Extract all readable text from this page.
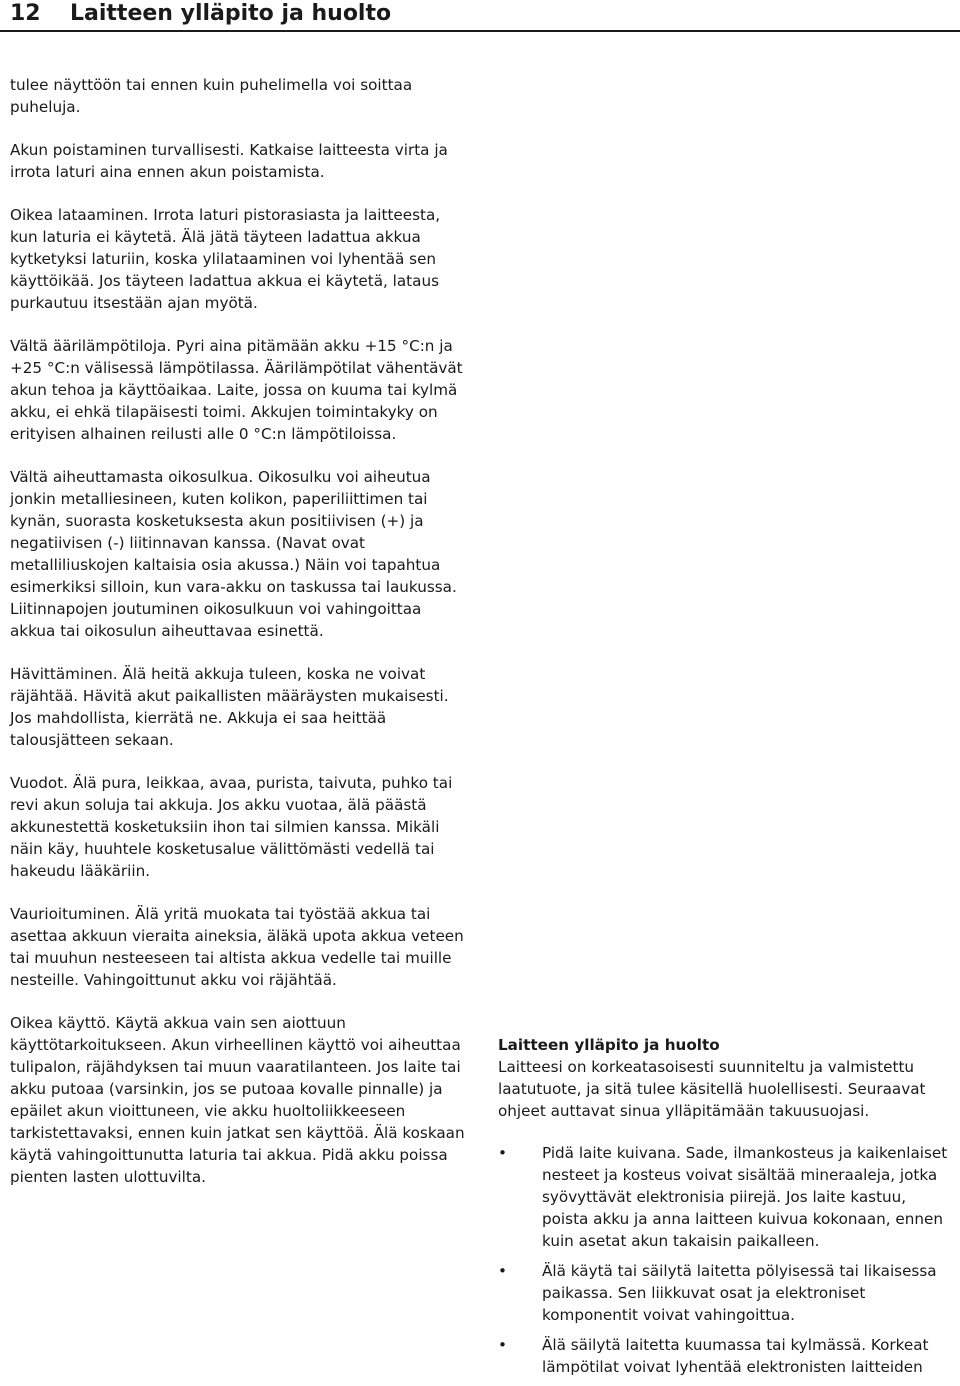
12 Laitteen ylläpito ja huolto

tulee näyttöön tai ennen kuin puhelimella voi soittaa puheluja.

Akun poistaminen turvallisesti. Katkaise laitteesta virta ja irrota laturi aina ennen akun poistamista.

Oikea lataaminen. Irrota laturi pistorasiasta ja laitteesta, kun laturia ei käytetä. Älä jätä täyteen ladattua akkua kytketyksi laturiin, koska ylilataaminen voi lyhentää sen käyttöikää. Jos täyteen ladattua akkua ei käytetä, lataus purkautuu itsestään ajan myötä.

Vältä äärilämpötiloja. Pyri aina pitämään akku +15 °C:n ja +25 °C:n välisessä lämpötilassa. Äärilämpötilat vähentävät akun tehoa ja käyttöaikaa. Laite, jossa on kuuma tai kylmä akku, ei ehkä tilapäisesti toimi. Akkujen toimintakyky on erityisen alhainen reilusti alle 0 °C:n lämpötiloissa.

Vältä aiheuttamasta oikosulkua. Oikosulku voi aiheutua jonkin metalliesineen, kuten kolikon, paperiliittimen tai kynän, suorasta kosketuksesta akun positiivisen (+) ja negatiivisen (-) liitinnavan kanssa. (Navat ovat metalliliuskojen kaltaisia osia akussa.) Näin voi tapahtua esimerkiksi silloin, kun vara-akku on taskussa tai laukussa. Liitinnapojen joutuminen oikosulkuun voi vahingoittaa akkua tai oikosulun aiheuttavaa esinettä.

Hävittäminen. Älä heitä akkuja tuleen, koska ne voivat räjähtää. Hävitä akut paikallisten määräysten mukaisesti. Jos mahdollista, kierrätä ne. Akkuja ei saa heittää talousjätteen sekaan.

Vuodot. Älä pura, leikkaa, avaa, purista, taivuta, puhko tai revi akun soluja tai akkuja. Jos akku vuotaa, älä päästä akkunestettä kosketuksiin ihon tai silmien kanssa. Mikäli näin käy, huuhtele kosketusalue välittömästi vedellä tai hakeudu lääkäriin.

Vaurioituminen. Älä yritä muokata tai työstää akkua tai asettaa akkuun vieraita aineksia, äläkä upota akkua veteen tai muuhun nesteeseen tai altista akkua vedelle tai muille nesteille. Vahingoittunut akku voi räjähtää.

Oikea käyttö. Käytä akkua vain sen aiottuun käyttötarkoitukseen. Akun virheellinen käyttö voi aiheuttaa tulipalon, räjähdyksen tai muun vaaratilanteen. Jos laite tai akku putoaa (varsinkin, jos se putoaa kovalle pinnalle) ja epäilet akun vioittuneen, vie akku huoltoliikkeeseen tarkistettavaksi, ennen kuin jatkat sen käyttöä. Älä koskaan käytä vahingoittunutta laturia tai akkua. Pidä akku poissa pienten lasten ulottuvilta.

Laitteen ylläpito ja huolto

Laitteesi on korkeatasoisesti suunniteltu ja valmistettu laatutuote, ja sitä tulee käsitellä huolellisesti. Seuraavat ohjeet auttavat sinua ylläpitämään takuusuojasi.

• Pidä laite kuivana. Sade, ilmankosteus ja kaikenlaiset nesteet ja kosteus voivat sisältää mineraaleja, jotka syövyttävät elektronisia piirejä. Jos laite kastuu, poista akku ja anna laitteen kuivua kokonaan, ennen kuin asetat akun takaisin paikalleen.
• Älä käytä tai säilytä laitetta pölyisessä tai likaisessa paikassa. Sen liikkuvat osat ja elektroniset komponentit voivat vahingoittua.
• Älä säilytä laitetta kuumassa tai kylmässä. Korkeat lämpötilat voivat lyhentää elektronisten laitteiden
